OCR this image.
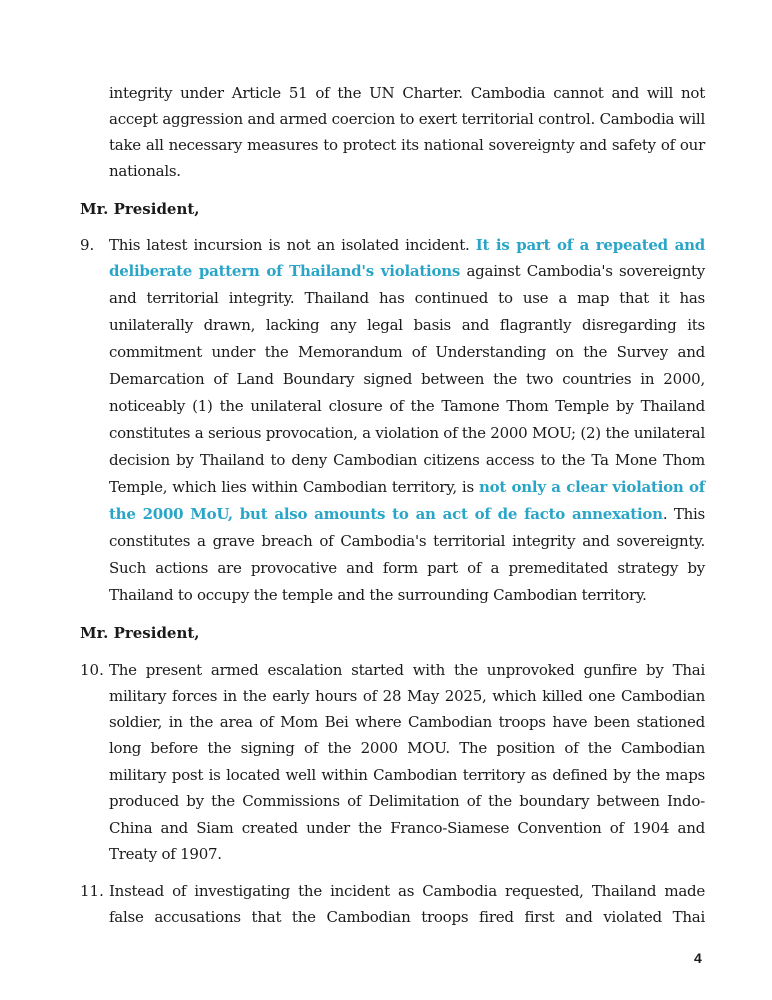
integrity under Article 51 of the UN Charter. Cambodia cannot and will not
accept aggression and armed coercion to exert territorial control. Cambodia will
take all necessary measures to protect its national sovereignty and safety of our
nationals.
Mr. President,
9. This latest incursion is not an isolated incident. It is part of a repeated and
deliberate pattern of Thailand's violations against Cambodia's sovereignty
and territorial integrity. Thailand has continued to use a map that it has
unilaterally drawn, lacking any legal basis and flagrantly disregarding its
commitment under the Memorandum of Understanding on the Survey and
Demarcation of Land Boundary signed between the two countries in 2000,
noticeably (1) the unilateral closure of the Tamone Thom Temple by Thailand
constitutes a serious provocation, a violation of the 2000 MOU; (2) the unilateral
decision by Thailand to deny Cambodian citizens access to the Ta Mone Thom
Temple, which lies within Cambodian territory, is not only a clear violation of
the 2000 MoU, but also amounts to an act of de facto annexation. This
constitutes a grave breach of Cambodia's territorial integrity and sovereignty.
Such actions are provocative and form part of a premeditated strategy by
Thailand to occupy the temple and the surrounding Cambodian territory.
Mr. President,
10. The present armed escalation started with the unprovoked gunfire by Thai
military forces in the early hours of 28 May 2025, which killed one Cambodian
soldier, in the area of Mom Bei where Cambodian troops have been stationed
long before the signing of the 2000 MOU. The position of the Cambodian
military post is located well within Cambodian territory as defined by the maps
produced by the Commissions of Delimitation of the boundary between Indo-
China and Siam created under the Franco-Siamese Convention of 1904 and
Treaty of 1907.
11. Instead of investigating the incident as Cambodia requested, Thailand made
false accusations that the Cambodian troops fired first and violated Thai
4
